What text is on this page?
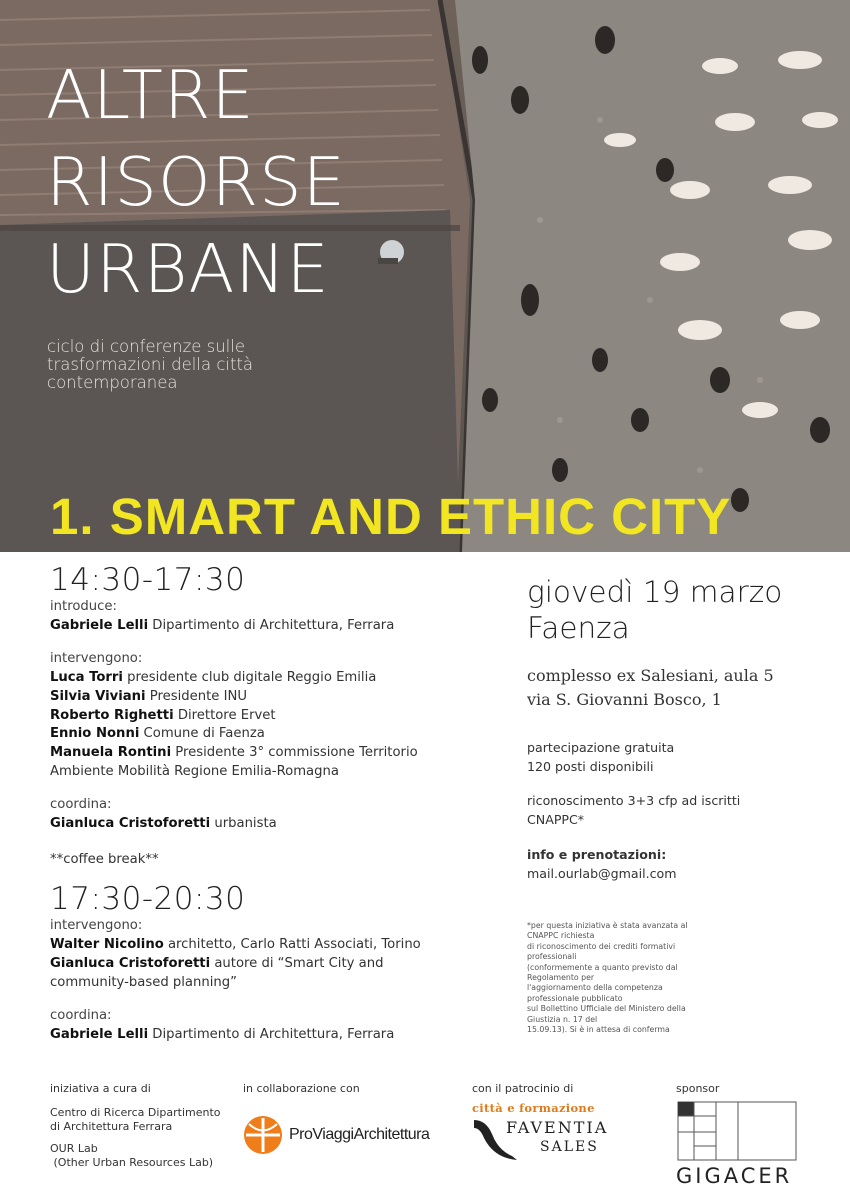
ALTRE
RISORSE
URBANE
ciclo di conferenze sulle trasformazioni della città contemporanea
1. SMART AND ETHIC CITY
14:30-17:30
introduce:
Gabriele Lelli Dipartimento di Architettura, Ferrara
intervengono:
Luca Torri presidente club digitale Reggio Emilia
Silvia Viviani Presidente INU
Roberto Righetti Direttore Ervet
Ennio Nonni Comune di Faenza
Manuela Rontini Presidente 3° commissione Territorio
Ambiente Mobilità Regione Emilia-Romagna
coordina:
Gianluca Cristoforetti urbanista
**coffee break**
17:30-20:30
intervengono:
Walter Nicolino architetto, Carlo Ratti Associati, Torino
Gianluca Cristoforetti autore di “Smart City and
community-based planning”
coordina:
Gabriele Lelli Dipartimento di Architettura, Ferrara
giovedì 19 marzo
Faenza
complesso ex Salesiani, aula 5
via S. Giovanni Bosco, 1
partecipazione gratuita
120 posti disponibili
riconoscimento 3+3 cfp ad iscritti
CNAPPC*
info e prenotazioni:
mail.ourlab@gmail.com
*per questa iniziativa è stata avanzata al CNAPPC richiesta
di riconoscimento dei crediti formativi professionali
(conformemente a quanto previsto dal Regolamento per
l'aggiornamento della competenza professionale pubblicato
sul Bollettino Ufficiale del Ministero della Giustizia n. 17 del
15.09.13). Si è in attesa di conferma
iniziativa a cura di
Centro di Ricerca Dipartimento
di Architettura Ferrara
OUR Lab
(Other Urban Resources Lab)
in collaborazione con
ProViaggiArchitettura
con il patrocinio di
città e formazione
FAVENTIA
SALES
sponsor
GIGACER
